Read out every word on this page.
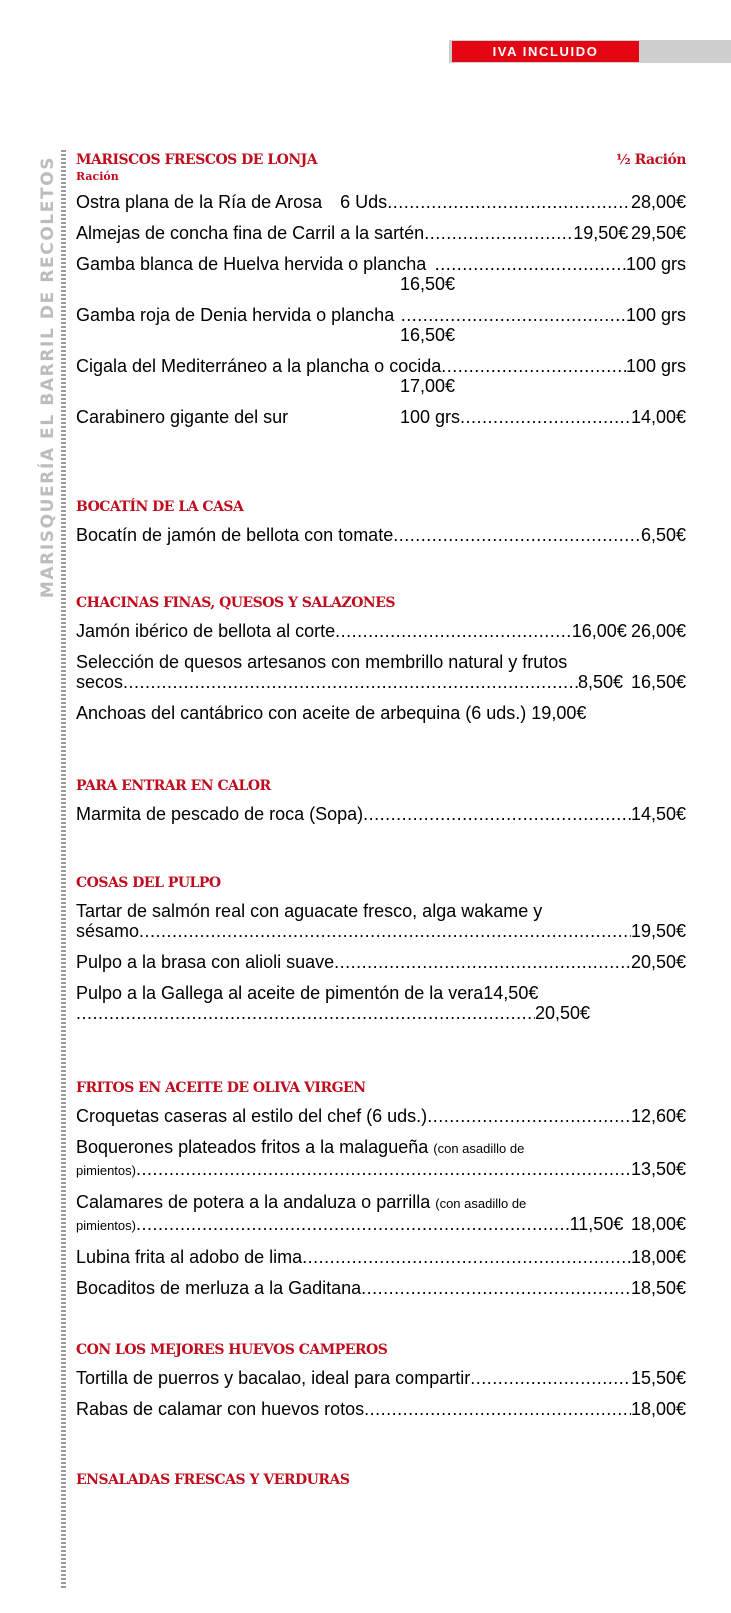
IVA INCLUIDO
MARISQUERÍA EL BARRIL DE RECOLETOS MARISCOS FRESCOS DE LONJA	½ Ración
Ración
Ostra plana de la Ría de Arosa	6 Uds .....	28,00€
Almejas de concha fina de Carril a la sartén .....	19,50€ 29,50€
Gamba blanca de Huelva hervida o plancha .....	100 grs
16,50€
Gamba roja de Denia hervida o plancha .....	100 grs
16,50€
Cigala del Mediterráneo a la plancha o cocida .....	100 grs
17,00€
Carabinero gigante del sur	100 grs .....	14,00€
BOCATÍN DE LA CASA
Bocatín de jamón de bellota con tomate .....	6,50€
CHACINAS FINAS, QUESOS Y SALAZONES
Jamón ibérico de bellota al corte .....	16,00€ 26,00€
Selección de quesos artesanos con membrillo natural y frutos
secos .....	8,50€ 16,50€
Anchoas del cantábrico con aceite de arbequina (6 uds.) 19,00€
PARA ENTRAR EN CALOR
Marmita de pescado de roca (Sopa) .....	14,50€
COSAS DEL PULPO
Tartar de salmón real con aguacate fresco, alga wakame y
sésamo .....	19,50€
Pulpo a la brasa con alioli suave .....	20,50€
Pulpo a la Gallega al aceite de pimentón de la vera14,50€
.....
20,50€
FRITOS EN ACEITE DE OLIVA VIRGEN
Croquetas caseras al estilo del chef (6 uds.) .....	12,60€
Boquerones plateados fritos a la malagueña (con asadillo de
pimientos) .....	13,50€
Calamares de potera a la andaluza o parrilla (con asadillo de
pimientos) .....	11,50€ 18,00€
Lubina frita al adobo de lima .....	18,00€
Bocaditos de merluza a la Gaditana .....	18,50€
CON LOS MEJORES HUEVOS CAMPEROS
Tortilla de puerros y bacalao, ideal para compartir .....	15,50€
Rabas de calamar con huevos rotos .....	18,00€
ENSALADAS FRESCAS Y VERDURAS
